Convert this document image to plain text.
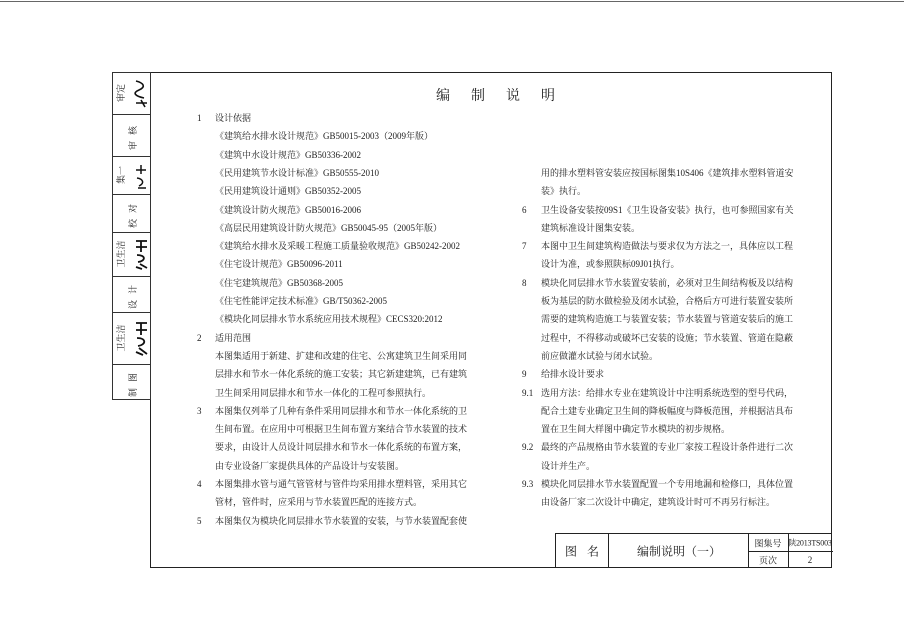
审定
审核
集一
校对
卫生洁
设计
卫生洁
制图
编制说明
1 设计依据
《建筑给水排水设计规范》GB50015-2003（2009年版）
《建筑中水设计规范》GB50336-2002
《民用建筑节水设计标准》GB50555-2010
《民用建筑设计通则》GB50352-2005
《建筑设计防火规范》GB50016-2006
《高层民用建筑设计防火规范》GB50045-95（2005年版）
《建筑给水排水及采暖工程施工质量验收规范》GB50242-2002
《住宅设计规范》GB50096-2011
《住宅建筑规范》GB50368-2005
《住宅性能评定技术标准》GB/T50362-2005
《模块化同层排水节水系统应用技术规程》CECS320:2012
2 适用范围
本图集适用于新建、扩建和改建的住宅、公寓建筑卫生间采用同
层排水和节水一体化系统的施工安装；其它新建建筑，已有建筑
卫生间采用同层排水和节水一体化的工程可参照执行。
3 本图集仅列举了几种有条件采用同层排水和节水一体化系统的卫
生间布置。在应用中可根据卫生间布置方案结合节水装置的技术
要求，由设计人员设计同层排水和节水一体化系统的布置方案，
由专业设备厂家提供具体的产品设计与安装图。
4 本图集排水管与通气管管材与管件均采用排水塑料管，采用其它
管材，管件时，应采用与节水装置匹配的连接方式。
5 本图集仅为模块化同层排水节水装置的安装，与节水装置配套使
用的排水塑料管安装应按国标图集10S406《建筑排水塑料管道安
装》执行。
6 卫生设备安装按09S1《卫生设备安装》执行，也可参照国家有关
建筑标准设计图集安装。
7 本图中卫生间建筑构造做法与要求仅为方法之一，具体应以工程
设计为准，或参照陕标09J01执行。
8 模块化同层排水节水装置安装前，必须对卫生间结构板及以结构
板为基层的防水做检验及闭水试验，合格后方可进行装置安装所
需要的建筑构造施工与装置安装；节水装置与管道安装后的施工
过程中，不得移动或破坏已安装的设施；节水装置、管道在隐蔽
前应做灌水试验与闭水试验。
9 给排水设计要求
9.1 选用方法：给排水专业在建筑设计中注明系统选型的型号代码，
配合土建专业确定卫生间的降板幅度与降板范围，并根据洁具布
置在卫生间大样图中确定节水模块的初步规格。
9.2 最终的产品规格由节水装置的专业厂家按工程设计条件进行二次
设计并生产。
9.3 模块化同层排水节水装置配置一个专用地漏和检修口，具体位置
由设备厂家二次设计中确定，建筑设计时可不再另行标注。
图名 编制说明（一）
图集号 陕2013TS003
页次	2
